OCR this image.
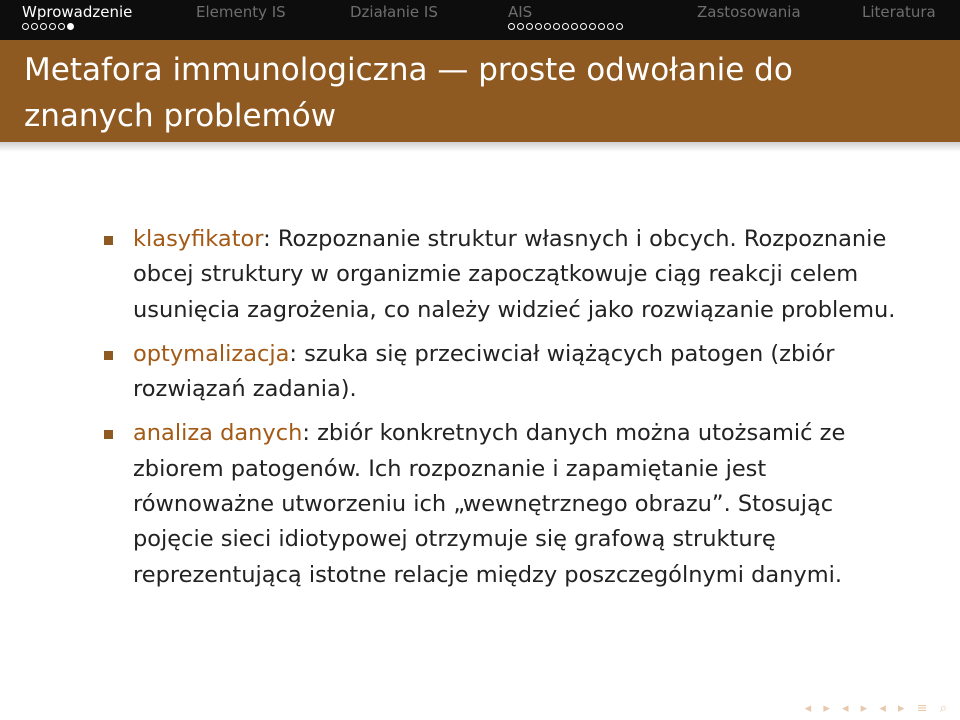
Wprowadzenie	Elementy IS	Działanie IS	AIS	Zastosowania	Literatura
Metafora immunologiczna — proste odwołanie do znanych problemów
klasyfikator: Rozpoznanie struktur własnych i obcych. Rozpoznanie obcej struktury w organizmie zapoczątkowuje ciąg reakcji celem usunięcia zagrożenia, co należy widzieć jako rozwiązanie problemu.
optymalizacja: szuka się przeciwciał wiążących patogen (zbiór rozwiązań zadania).
analiza danych: zbiór konkretnych danych można utożsamić ze zbiorem patogenów. Ich rozpoznanie i zapamiętanie jest równoważne utworzeniu ich „wewnętrznego obrazu”. Stosując pojęcie sieci idiotypowej otrzymuje się grafową strukturę reprezentującą istotne relacje między poszczególnymi danymi.
◂ ▸ ◂ ▸ ◂ ▸ ≡ ⌕
